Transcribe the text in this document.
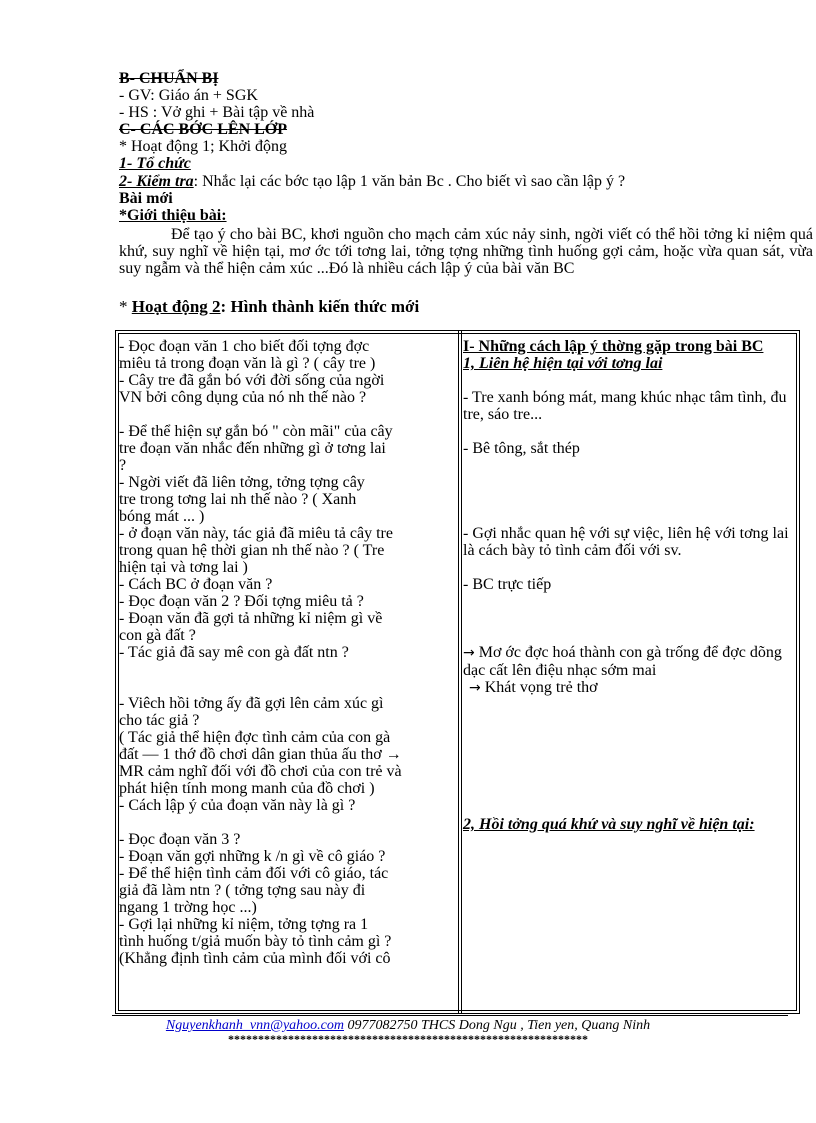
B- CHUẨN BỊ
- GV: Giáo án + SGK
- HS : Vở ghi + Bài tập về nhà
C- CÁC BỚC LÊN LỚP
* Hoạt động 1; Khởi động
1- Tổ chức
2- Kiểm tra: Nhắc lại các bớc tạo lập 1 văn bản Bc . Cho biết vì sao cần lập ý ?
Bài mới
*Giới thiệu bài:
Để tạo ý cho bài BC, khơi nguồn cho mạch cảm xúc nảy sinh, ngời viết có thể hồi tởng kỉ niệm quá khứ, suy nghĩ về hiện tại, mơ ớc tới tơng lai, tởng tợng những tình huống gợi cảm, hoặc vừa quan sát, vừa suy ngẫm và thể hiện cảm xúc ...Đó là nhiều cách lập ý của bài văn BC
* Hoạt động 2: Hình thành kiến thức mới

- Đọc đoạn văn 1 cho biết đối tợng đợc

miêu tả trong đoạn văn là gì ? ( cây tre )

- Cây tre đã gắn bó với đời sống của ngời

VN bởi công dụng của nó nh thế nào ?

- Để thể hiện sự gắn bó " còn mãi" của cây

tre đoạn văn nhắc đến những gì ở tơng lai

?

- Ngời viết đã liên tởng, tởng tợng cây

tre trong tơng lai nh thế nào ? ( Xanh

bóng mát ... )

- ở đoạn văn này, tác giả đã miêu tả cây tre

trong quan hệ thời gian nh thế nào ? ( Tre

hiện tại và tơng lai )

- Cách BC ở đoạn văn ?

- Đọc đoạn văn 2 ? Đối tợng miêu tả ?

- Đoạn văn đã gợi tả những kỉ niệm gì về

con gà đất ?

- Tác giả đã say mê con gà đất ntn ?

- Viêch hồi tởng ấy đã gợi lên cảm xúc gì

cho tác giả ?

( Tác giả thể hiện đợc tình cảm của con gà

đất — 1 thớ đồ chơi dân gian thủa ấu thơ →

MR cảm nghĩ đối với đồ chơi của con trẻ và

phát hiện tính mong manh của đồ chơi )

- Cách lập ý của đoạn văn này là gì ?

- Đọc đoạn văn 3 ?

- Đoạn văn gợi những k /n gì về cô giáo ?

- Để thể hiện tình cảm đối với cô giáo, tác

giả đã làm ntn ? ( tởng tợng sau này đi

ngang 1 trờng học ...)

- Gợi lại những kỉ niệm, tởng tợng ra 1

tình huống t/giả muốn bày tỏ tình cảm gì ?

(Khẳng định tình cảm của mình đối với cô

I- Những cách lập ý thờng gặp trong bài BC

1, Liên hệ hiện tại với tơng lai

- Tre xanh bóng mát, mang khúc nhạc tâm tình, đu tre, sáo tre...

- Bê tông, sắt thép

- Gợi nhắc quan hệ với sự việc, liên hệ với tơng lai là cách bày tỏ tình cảm đối với sv.

- BC trực tiếp

→ Mơ ớc đợc hoá thành con gà trống để đợc dõng dạc cất lên điệu nhạc sớm mai

→ Khát vọng trẻ thơ

2, Hồi tởng quá khứ và suy nghĩ về hiện tại:

Nguyenkhanh_vnn@yahoo.com 0977082750 THCS Dong Ngu , Tien yen, Quang Ninh
************************************************************
